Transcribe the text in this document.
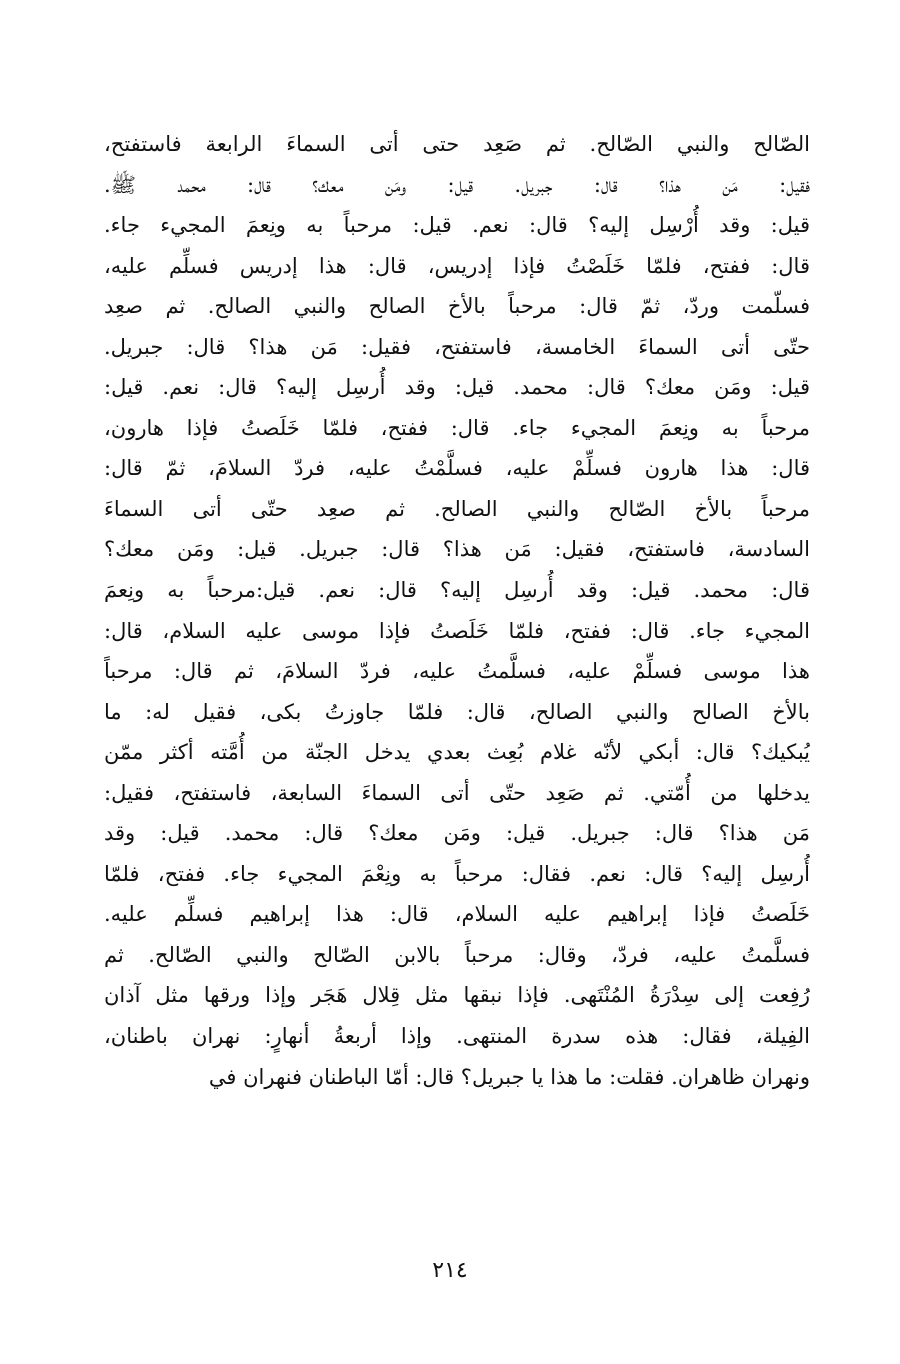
الصّالح والنبي الصّالح. ثم صَعِد حتى أتى السماءَ الرابعة فاستفتح،
فقيل: مَن هذا؟ قال: جبريل. قيل: ومَن معك؟ قال: محمد ﷺ.
قيل: وقد أُرْسِل إليه؟ قال: نعم. قيل: مرحباً به ونِعمَ المجيء جاء.
قال: ففتح، فلمّا خَلَصْتُ فإذا إدريس، قال: هذا إدريس فسلِّم عليه،
فسلّمت وردّ، ثمّ قال: مرحباً بالأخ الصالح والنبي الصالح. ثم صعِد
حتّى أتى السماءَ الخامسة، فاستفتح، فقيل: مَن هذا؟ قال: جبريل.
قيل: ومَن معك؟ قال: محمد. قيل: وقد أُرسِل إليه؟ قال: نعم. قيل:
مرحباً به ونِعمَ المجيء جاء. قال: ففتح، فلمّا خَلَصتُ فإذا هارون،
قال: هذا هارون فسلِّمْ عليه، فسلَّمْتُ عليه، فردّ السلامَ، ثمّ قال:
مرحباً بالأخ الصّالح والنبي الصالح. ثم صعِد حتّى أتى السماءَ
السادسة، فاستفتح، فقيل: مَن هذا؟ قال: جبريل. قيل: ومَن معك؟
قال: محمد. قيل: وقد أُرسِل إليه؟ قال: نعم. قيل:مرحباً به ونِعمَ
المجيء جاء. قال: ففتح، فلمّا خَلَصتُ فإذا موسى عليه السلام، قال:
هذا موسى فسلِّمْ عليه، فسلَّمتُ عليه، فردّ السلامَ، ثم قال: مرحباً
بالأخ الصالح والنبي الصالح، قال: فلمّا جاوزتُ بكى، فقيل له: ما
يُبكيك؟ قال: أبكي لأنّه غلام بُعِث بعدي يدخل الجنّة من أُمَّته أكثر ممّن
يدخلها من أُمّتي. ثم صَعِد حتّى أتى السماءَ السابعة، فاستفتح، فقيل:
مَن هذا؟ قال: جبريل. قيل: ومَن معك؟ قال: محمد. قيل: وقد
أُرسِل إليه؟ قال: نعم. فقال: مرحباً به ونِعْمَ المجيء جاء. ففتح، فلمّا
خَلَصتُ فإذا إبراهيم عليه السلام، قال: هذا إبراهيم فسلِّم عليه.
فسلَّمتُ عليه، فردّ، وقال: مرحباً بالابن الصّالح والنبي الصّالح. ثم
رُفِعت إلى سِدْرَةُ المُنْتَهى. فإذا نبقها مثل قِلال هَجَر وإذا ورقها مثل آذان
الفِيلة، فقال: هذه سدرة المنتهى. وإذا أربعةُ أنهارٍ: نهران باطنان،
ونهران ظاهران. فقلت: ما هذا يا جبريل؟ قال: أمّا الباطنان فنهران في
٢١٤
